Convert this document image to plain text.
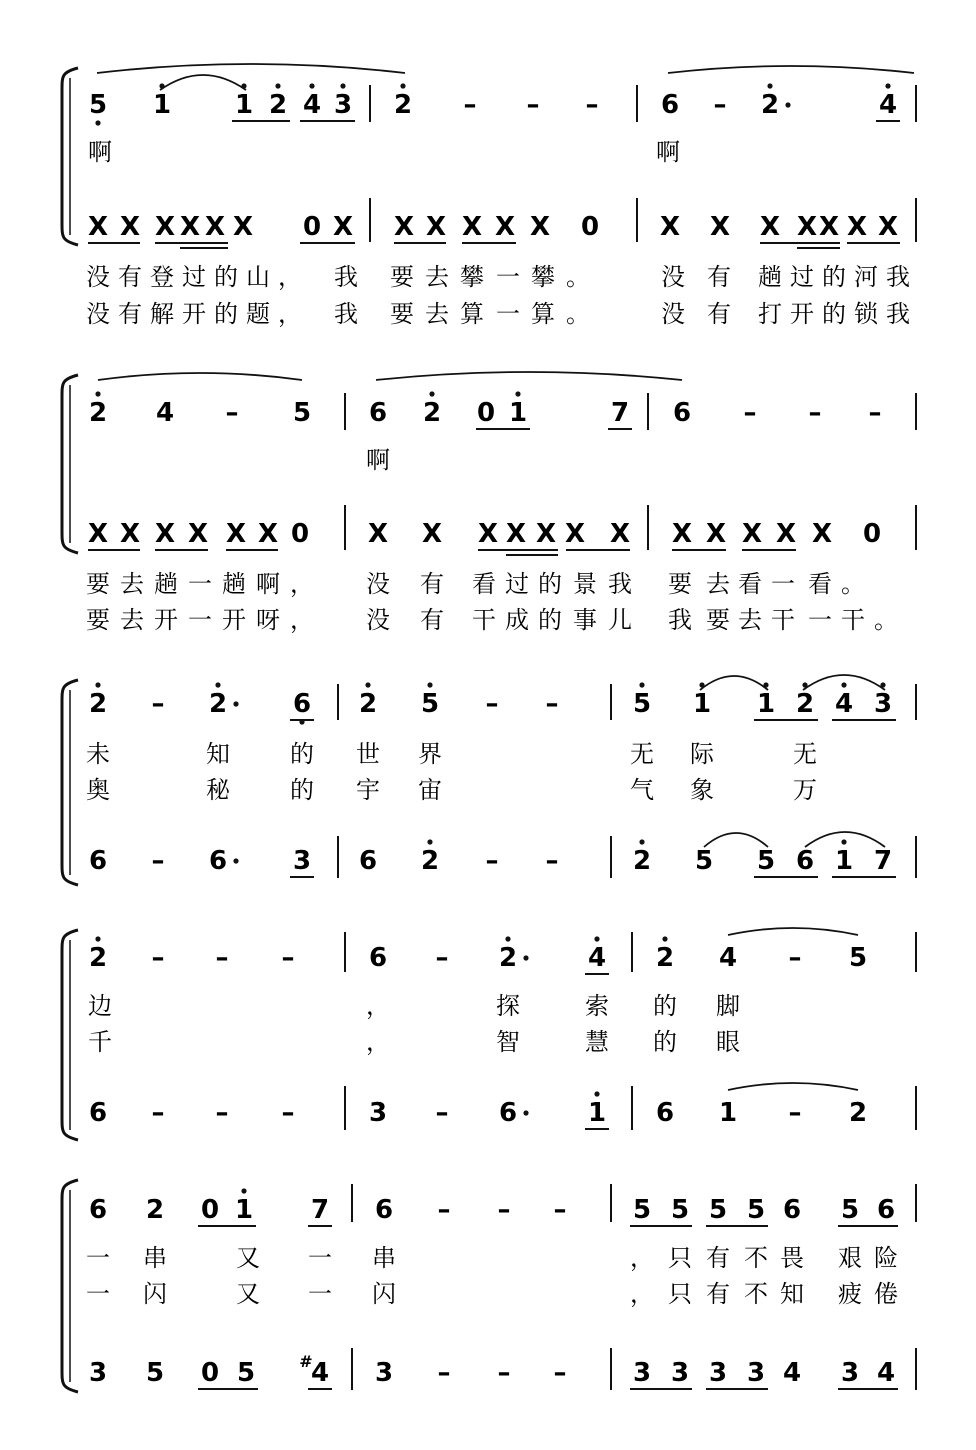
5 1 1 2 4 3 2 – – – 6 – 2	4
啊	啊
X X X X X X 0 X X X X X X 0 X X X X X X X
没 有 登 过 的 山 ， 我 要 去 攀 一 攀 。	没 有 趟 过 的 河 我
没 有 解 开 的 题 ， 我 要 去 算 一 算 。	没 有 打 开 的 锁 我
2 4 – 5 6 2 0 1	7 6 – – –
啊
X X X X X X 0 X X X X X X X X X X X X 0
要 去 趟 一 趟 啊 ， 没 有 看 过 的 景 我 要 去 看 一 看 。
要 去 开 一 开 呀 ， 没 有 干 成 的 事 儿 我 要 去 干 一 干 。
2 – 2	6 2 5 – –	5 1 1 2 4 3
未	知	的 世 界	无 际	无
奥	秘	的 宇 宙	气 象	万
6 – 6	3 6 2 – –	2 5 5 6 1 7
2 – – –	6 – 2	4 2 4 – 5
边	，	探	索 的 脚
千	，	智	慧 的 眼
6 – – –	3 – 6	1 6 1 – 2
6 2 0 1 7 6 – – –	5 5 5 5 6 5 6
一 串	又 一 串	， 只 有 不 畏 艰 险
一 闪	又 一 闪	， 只 有 不 知 疲 倦
3 5 0 5 4
# 3 – – –	3 3 3 3 4 3 4
